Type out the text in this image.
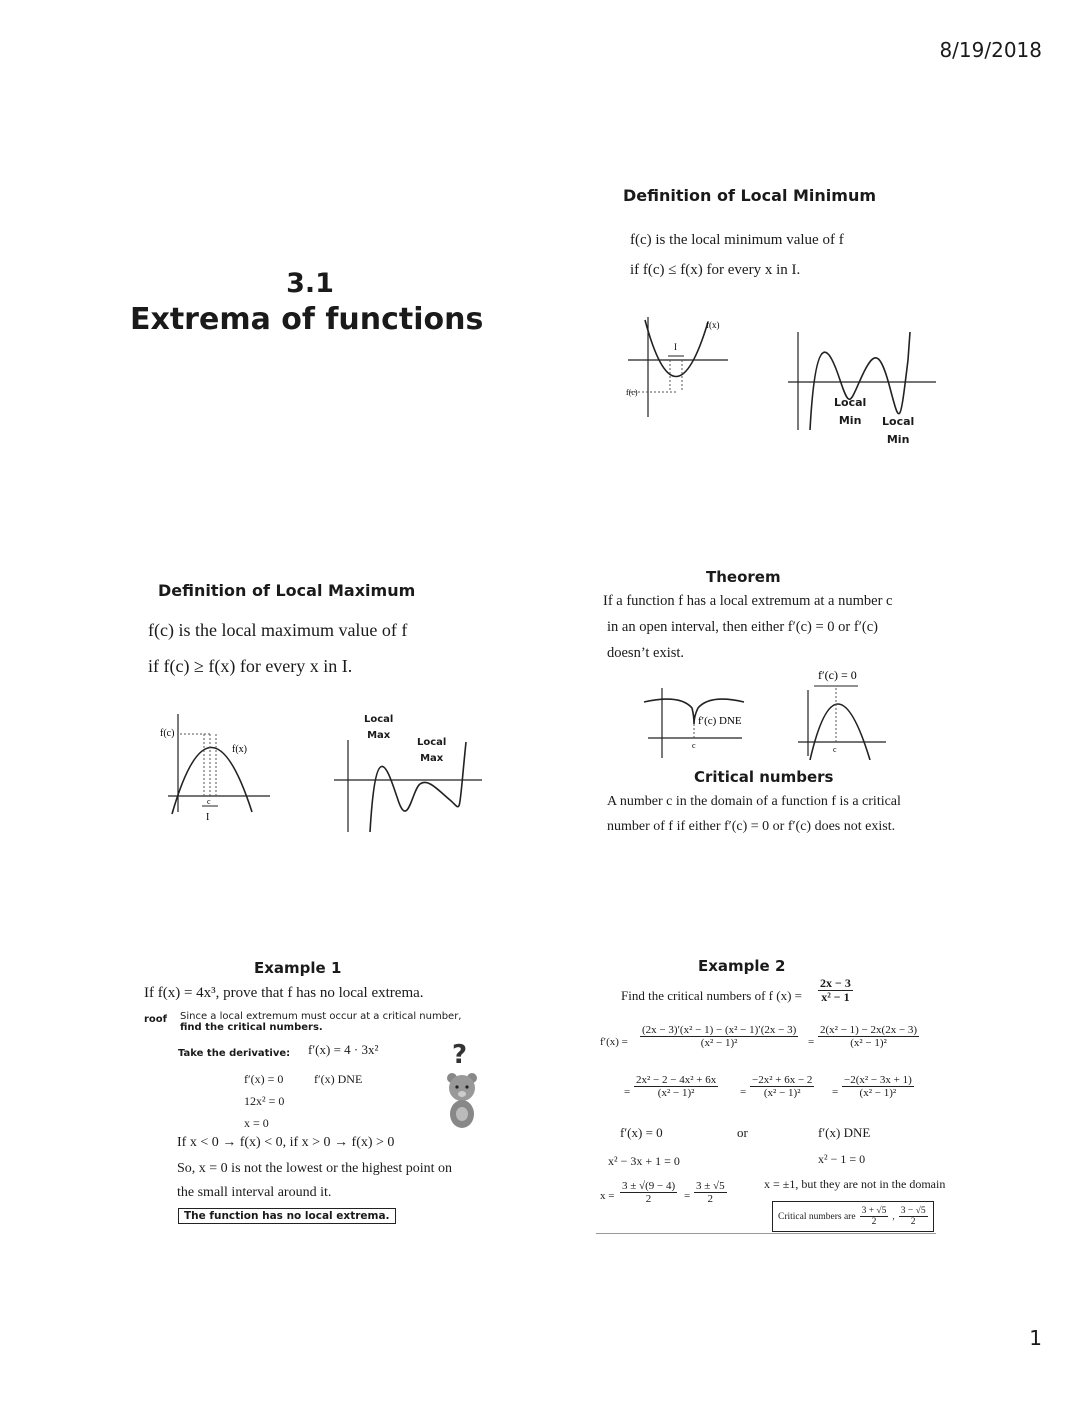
8/19/2018
1
3.1
Extrema of functions
Definition of Local Minimum
f(c) is the local minimum value of f
if f(c) ≤ f(x) for every x in I.
I
f(x)
f(c)
Local
Min	Local
Min
Definition of Local Maximum
f(c) is the local maximum value of f
if f(c) ≥ f(x) for every x in I.
f(c)
f(x)
c
I
Local
Max
Local
Max
Theorem
If a function f has a local extremum at a number c
in an open interval, then either f′(c) = 0 or f′(c)
doesn’t exist.
f′(c) DNE
c
f′(c) = 0
c
Critical numbers
A number c in the domain of a function f is a critical
number of f if either f′(c) = 0 or f′(c) does not exist.
Example 1
If f(x) = 4x³, prove that f has no local extrema.
roof Since a local extremum must occur at a critical number,
find the critical numbers.
Take the derivative: f′(x) = 4 · 3x²
f′(x) = 0	f′(x) DNE
12x² = 0
x = 0
?
If x < 0 → f(x) < 0, if x > 0 → f(x) > 0
So, x = 0 is not the lowest or the highest point on
the small interval around it.
The function has no local extrema.
Example 2
Find the critical numbers of f $(x) = \frac{2x - 3}{\text{x² − 1}}$
$f'(x) = \frac{\text{(2x − 3)′(x² − 1) − (x² − 1)′(2x − 3)}}{\text{(x² − 1)²}} = \frac{\text{2(x² − 1) − 2x(2x − 3)}}{\text{(x² − 1)²}}$
= $\frac{\text{2x² − 2 − 4x² + 6x}}{\text{(x² − 1)²}} = \frac{\text{−2x² + 6x − 2}}{\text{(x² − 1)²}} = \frac{\text{−2(x² − 3x + 1)}}{\text{(x² − 1)²}}$
f′(x) = 0	or	f′(x) DNE
x² − 3x + 1 = 0	x² − 1 = 0
$x = \frac{3 \pm √(9 - 4)}{2} = \frac{3 \pm √5}{2}$	x = ±1, but they are not in the domain
Critical numbers are $\frac{3 + √5}{2}$ , $\frac{3 - √5}{2}$
